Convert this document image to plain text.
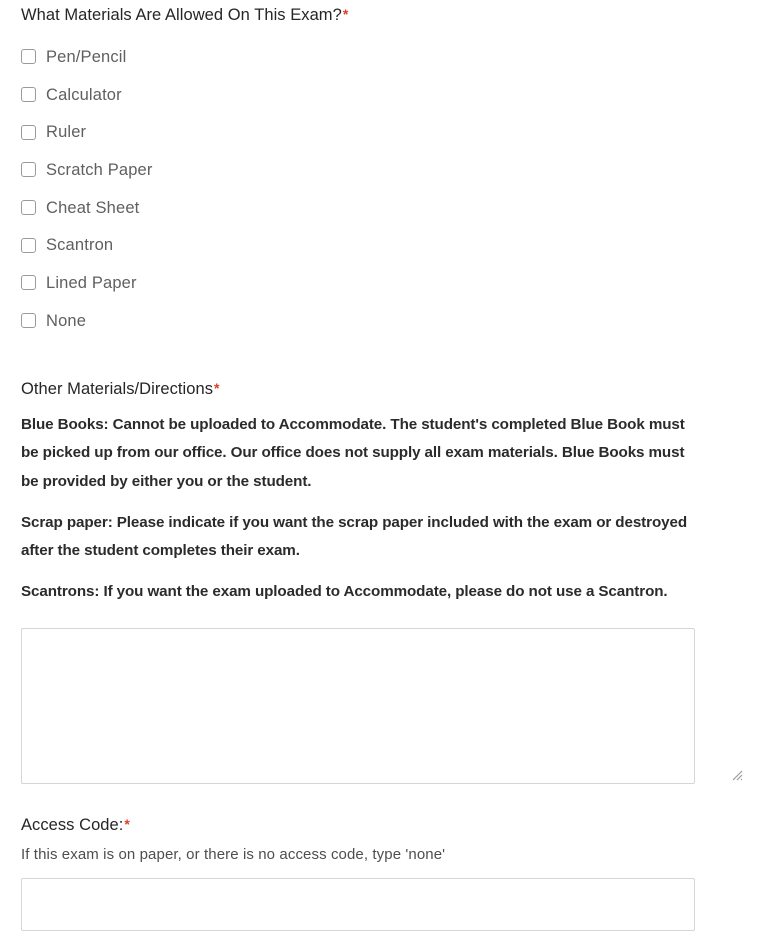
What Materials Are Allowed On This Exam?*
Pen/Pencil
Calculator
Ruler
Scratch Paper
Cheat Sheet
Scantron
Lined Paper
None
Other Materials/Directions*

Blue Books: Cannot be uploaded to Accommodate. The student's completed Blue Book must be picked up from our office. Our office does not supply all exam materials. Blue Books must be provided by either you or the student.

Scrap paper: Please indicate if you want the scrap paper included with the exam or destroyed after the student completes their exam.

Scantrons: If you want the exam uploaded to Accommodate, please do not use a Scantron.

Access Code:*

If this exam is on paper, or there is no access code, type 'none'
